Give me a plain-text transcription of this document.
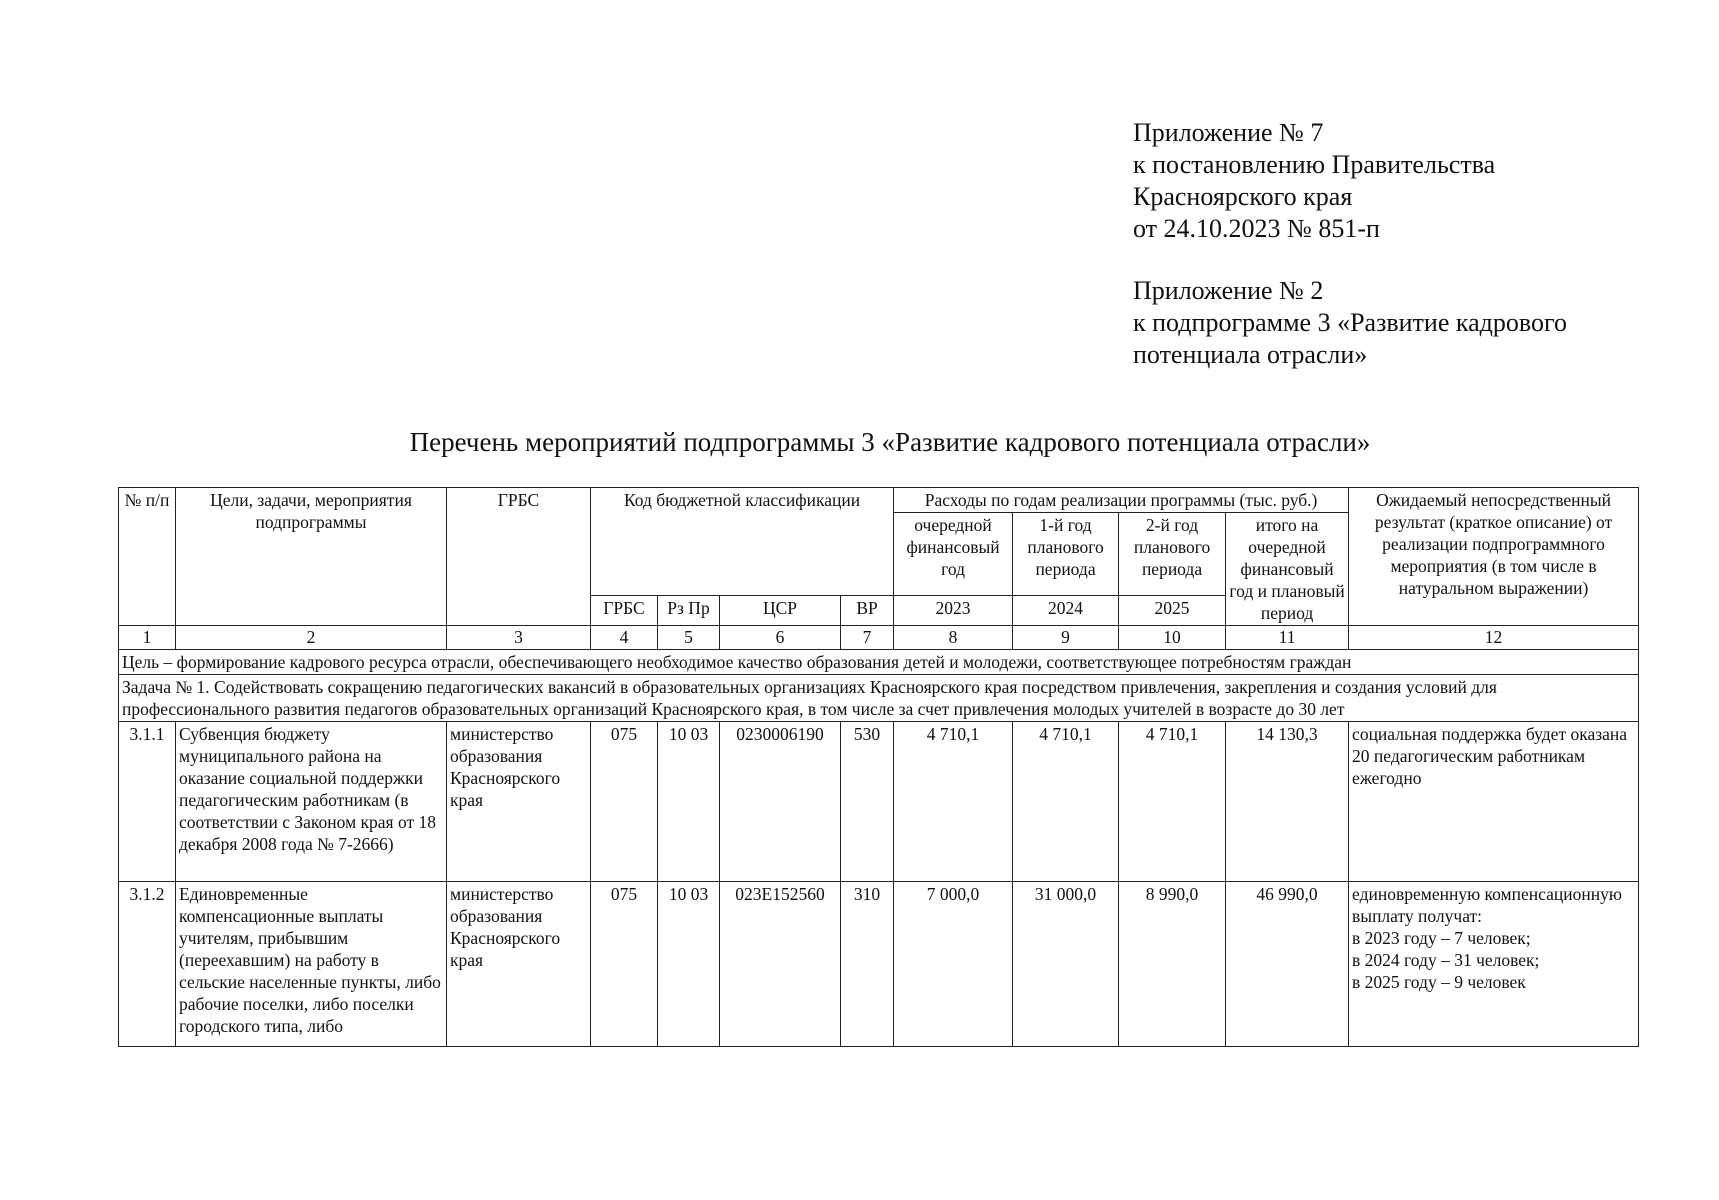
Приложение № 7
к постановлению Правительства
Красноярского края
от 24.10.2023 № 851-п
Приложение № 2
к подпрограмме 3 «Развитие кадрового
потенциала отрасли»
Перечень мероприятий подпрограммы 3 «Развитие кадрового потенциала отрасли»
№ п/п	Цели, задачи, мероприятия подпрограммы	ГРБС	Код бюджетной классификации				Расходы по годам реализации программы (тыс. руб.)				Ожидаемый непосредственный результат (краткое описание) от реализации подпрограммного мероприятия (в том числе в натуральном выражении)
							очередной финансовый год	1-й год планового периода	2-й год планового периода	итого на очередной финансовый год и плановый период	
			ГРБС	Рз Пр	ЦСР	ВР	2023	2024	2025		
1	2	3	4	5	6	7	8	9	10	11	12
Цель – формирование кадрового ресурса отрасли, обеспечивающего необходимое качество образования детей и молодежи, соответствующее потребностям граждан											
Задача № 1. Содействовать сокращению педагогических вакансий в образовательных организациях Красноярского края посредством привлечения, закрепления и создания условий для профессионального развития педагогов образовательных организаций Красноярского края, в том числе за счет привлечения молодых учителей в возрасте до 30 лет											
3.1.1	Субвенция бюджету муниципального района на оказание социальной поддержки педагогическим работникам (в соответствии с Законом края от 18 декабря 2008 года № 7-2666)	министерство образования Красноярского края	075	10 03	0230006190	530	4 710,1	4 710,1	4 710,1	14 130,3	социальная поддержка будет оказана 20 педагогическим работникам ежегодно
3.1.2	Единовременные компенсационные выплаты учителям, прибывшим (переехавшим) на работу в сельские населенные пункты, либо рабочие поселки, либо поселки городского типа, либо	министерство образования Красноярского края	075	10 03	023E152560	310	7 000,0	31 000,0	8 990,0	46 990,0	единовременную компенсационную выплату получат:
в 2023 году – 7 человек;
в 2024 году – 31 человек;
в 2025 году – 9 человек
